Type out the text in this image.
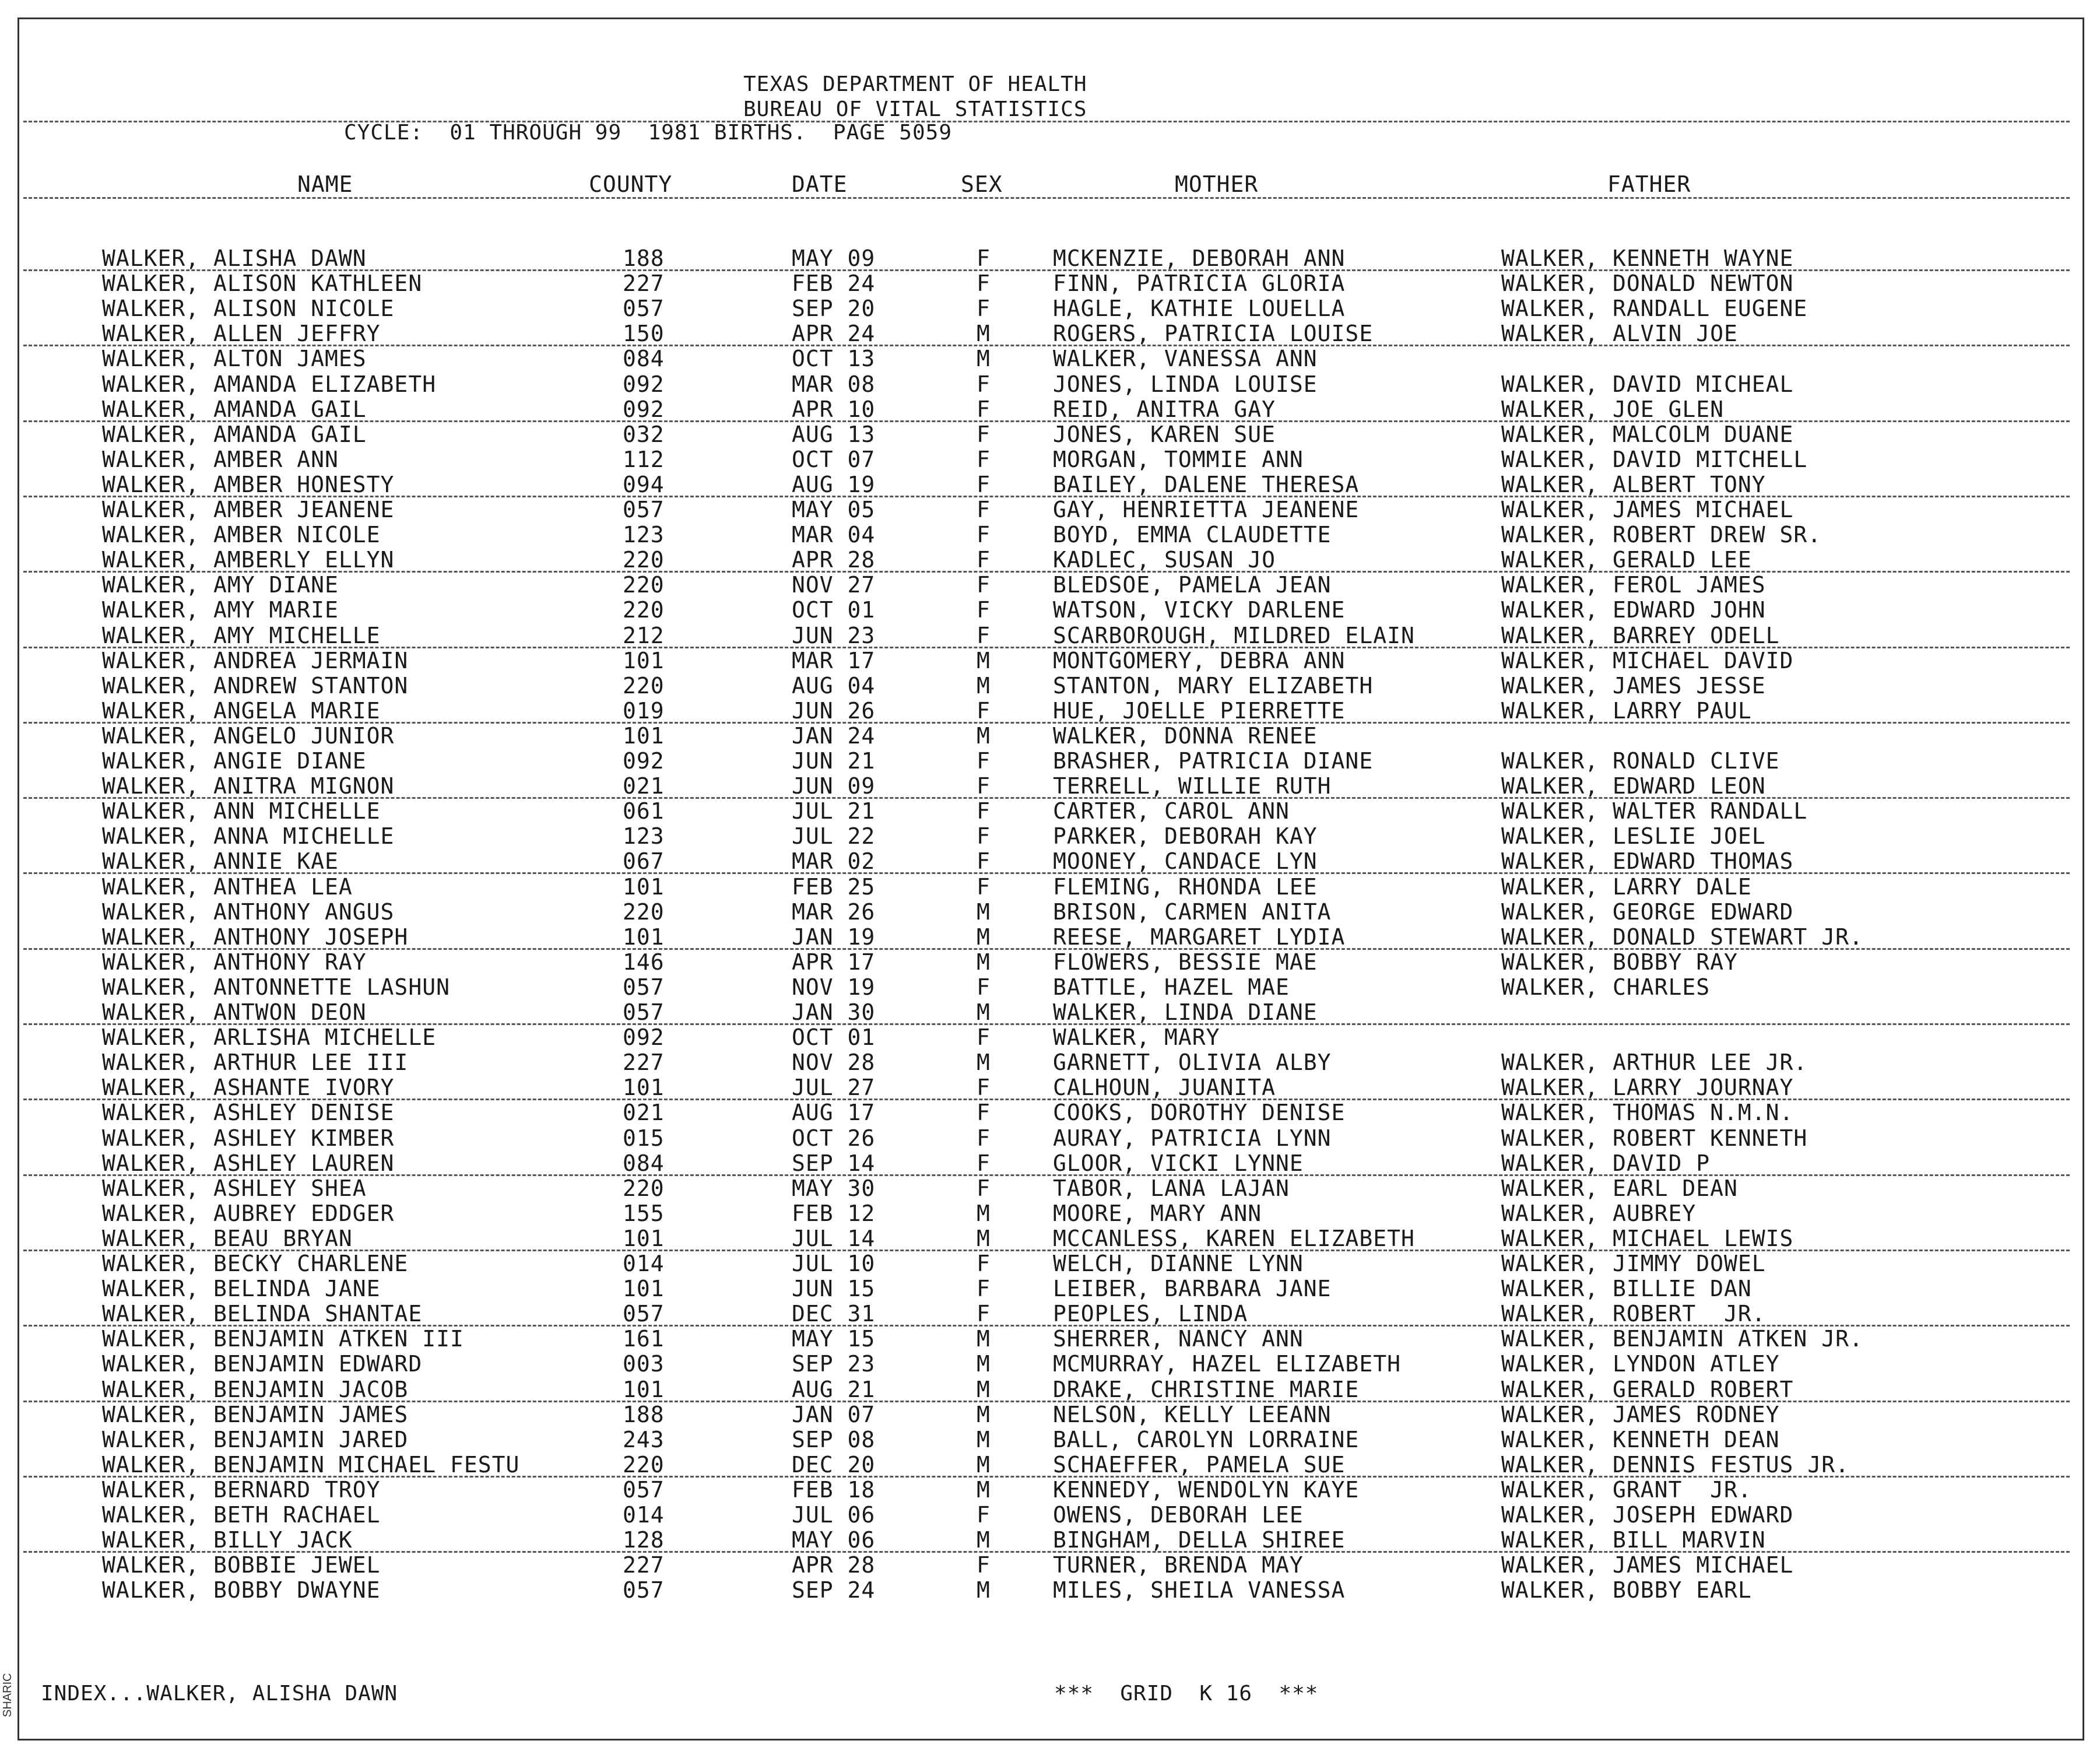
TEXAS DEPARTMENT OF HEALTH
BUREAU OF VITAL STATISTICS
CYCLE:  01 THROUGH 99  1981 BIRTHS.  PAGE 5059
NAME	COUNTY	DATE	SEX	MOTHER	FATHER
WALKER, ALISHA DAWN	188	MAY 09	F	MCKENZIE, DEBORAH ANN	WALKER, KENNETH WAYNE
WALKER, ALISON KATHLEEN	227	FEB 24	F	FINN, PATRICIA GLORIA	WALKER, DONALD NEWTON
WALKER, ALISON NICOLE	057	SEP 20	F	HAGLE, KATHIE LOUELLA	WALKER, RANDALL EUGENE
WALKER, ALLEN JEFFRY	150	APR 24	M	ROGERS, PATRICIA LOUISE	WALKER, ALVIN JOE
WALKER, ALTON JAMES	084	OCT 13	M	WALKER, VANESSA ANN
WALKER, AMANDA ELIZABETH	092	MAR 08	F	JONES, LINDA LOUISE	WALKER, DAVID MICHEAL
WALKER, AMANDA GAIL	092	APR 10	F	REID, ANITRA GAY	WALKER, JOE GLEN
WALKER, AMANDA GAIL	032	AUG 13	F	JONES, KAREN SUE	WALKER, MALCOLM DUANE
WALKER, AMBER ANN	112	OCT 07	F	MORGAN, TOMMIE ANN	WALKER, DAVID MITCHELL
WALKER, AMBER HONESTY	094	AUG 19	F	BAILEY, DALENE THERESA	WALKER, ALBERT TONY
WALKER, AMBER JEANENE	057	MAY 05	F	GAY, HENRIETTA JEANENE	WALKER, JAMES MICHAEL
WALKER, AMBER NICOLE	123	MAR 04	F	BOYD, EMMA CLAUDETTE	WALKER, ROBERT DREW SR.
WALKER, AMBERLY ELLYN	220	APR 28	F	KADLEC, SUSAN JO	WALKER, GERALD LEE
WALKER, AMY DIANE	220	NOV 27	F	BLEDSOE, PAMELA JEAN	WALKER, FEROL JAMES
WALKER, AMY MARIE	220	OCT 01	F	WATSON, VICKY DARLENE	WALKER, EDWARD JOHN
WALKER, AMY MICHELLE	212	JUN 23	F	SCARBOROUGH, MILDRED ELAIN	WALKER, BARREY ODELL
WALKER, ANDREA JERMAIN	101	MAR 17	M	MONTGOMERY, DEBRA ANN	WALKER, MICHAEL DAVID
WALKER, ANDREW STANTON	220	AUG 04	M	STANTON, MARY ELIZABETH	WALKER, JAMES JESSE
WALKER, ANGELA MARIE	019	JUN 26	F	HUE, JOELLE PIERRETTE	WALKER, LARRY PAUL
WALKER, ANGELO JUNIOR	101	JAN 24	M	WALKER, DONNA RENEE
WALKER, ANGIE DIANE	092	JUN 21	F	BRASHER, PATRICIA DIANE	WALKER, RONALD CLIVE
WALKER, ANITRA MIGNON	021	JUN 09	F	TERRELL, WILLIE RUTH	WALKER, EDWARD LEON
WALKER, ANN MICHELLE	061	JUL 21	F	CARTER, CAROL ANN	WALKER, WALTER RANDALL
WALKER, ANNA MICHELLE	123	JUL 22	F	PARKER, DEBORAH KAY	WALKER, LESLIE JOEL
WALKER, ANNIE KAE	067	MAR 02	F	MOONEY, CANDACE LYN	WALKER, EDWARD THOMAS
WALKER, ANTHEA LEA	101	FEB 25	F	FLEMING, RHONDA LEE	WALKER, LARRY DALE
WALKER, ANTHONY ANGUS	220	MAR 26	M	BRISON, CARMEN ANITA	WALKER, GEORGE EDWARD
WALKER, ANTHONY JOSEPH	101	JAN 19	M	REESE, MARGARET LYDIA	WALKER, DONALD STEWART JR.
WALKER, ANTHONY RAY	146	APR 17	M	FLOWERS, BESSIE MAE	WALKER, BOBBY RAY
WALKER, ANTONNETTE LASHUN	057	NOV 19	F	BATTLE, HAZEL MAE	WALKER, CHARLES
WALKER, ANTWON DEON	057	JAN 30	M	WALKER, LINDA DIANE
WALKER, ARLISHA MICHELLE	092	OCT 01	F	WALKER, MARY
WALKER, ARTHUR LEE III	227	NOV 28	M	GARNETT, OLIVIA ALBY	WALKER, ARTHUR LEE JR.
WALKER, ASHANTE IVORY	101	JUL 27	F	CALHOUN, JUANITA	WALKER, LARRY JOURNAY
WALKER, ASHLEY DENISE	021	AUG 17	F	COOKS, DOROTHY DENISE	WALKER, THOMAS N.M.N.
WALKER, ASHLEY KIMBER	015	OCT 26	F	AURAY, PATRICIA LYNN	WALKER, ROBERT KENNETH
WALKER, ASHLEY LAUREN	084	SEP 14	F	GLOOR, VICKI LYNNE	WALKER, DAVID P
WALKER, ASHLEY SHEA	220	MAY 30	F	TABOR, LANA LAJAN	WALKER, EARL DEAN
WALKER, AUBREY EDDGER	155	FEB 12	M	MOORE, MARY ANN	WALKER, AUBREY
WALKER, BEAU BRYAN	101	JUL 14	M	MCCANLESS, KAREN ELIZABETH	WALKER, MICHAEL LEWIS
WALKER, BECKY CHARLENE	014	JUL 10	F	WELCH, DIANNE LYNN	WALKER, JIMMY DOWEL
WALKER, BELINDA JANE	101	JUN 15	F	LEIBER, BARBARA JANE	WALKER, BILLIE DAN
WALKER, BELINDA SHANTAE	057	DEC 31	F	PEOPLES, LINDA	WALKER, ROBERT  JR.
WALKER, BENJAMIN ATKEN III	161	MAY 15	M	SHERRER, NANCY ANN	WALKER, BENJAMIN ATKEN JR.
WALKER, BENJAMIN EDWARD	003	SEP 23	M	MCMURRAY, HAZEL ELIZABETH	WALKER, LYNDON ATLEY
WALKER, BENJAMIN JACOB	101	AUG 21	M	DRAKE, CHRISTINE MARIE	WALKER, GERALD ROBERT
WALKER, BENJAMIN JAMES	188	JAN 07	M	NELSON, KELLY LEEANN	WALKER, JAMES RODNEY
WALKER, BENJAMIN JARED	243	SEP 08	M	BALL, CAROLYN LORRAINE	WALKER, KENNETH DEAN
WALKER, BENJAMIN MICHAEL FESTU	220	DEC 20	M	SCHAEFFER, PAMELA SUE	WALKER, DENNIS FESTUS JR.
WALKER, BERNARD TROY	057	FEB 18	M	KENNEDY, WENDOLYN KAYE	WALKER, GRANT  JR.
WALKER, BETH RACHAEL	014	JUL 06	F	OWENS, DEBORAH LEE	WALKER, JOSEPH EDWARD
WALKER, BILLY JACK	128	MAY 06	M	BINGHAM, DELLA SHIREE	WALKER, BILL MARVIN
WALKER, BOBBIE JEWEL	227	APR 28	F	TURNER, BRENDA MAY	WALKER, JAMES MICHAEL
WALKER, BOBBY DWAYNE	057	SEP 24	M	MILES, SHEILA VANESSA	WALKER, BOBBY EARL
INDEX...WALKER, ALISHA DAWN	***  GRID  K 16  ***
SHARIC
